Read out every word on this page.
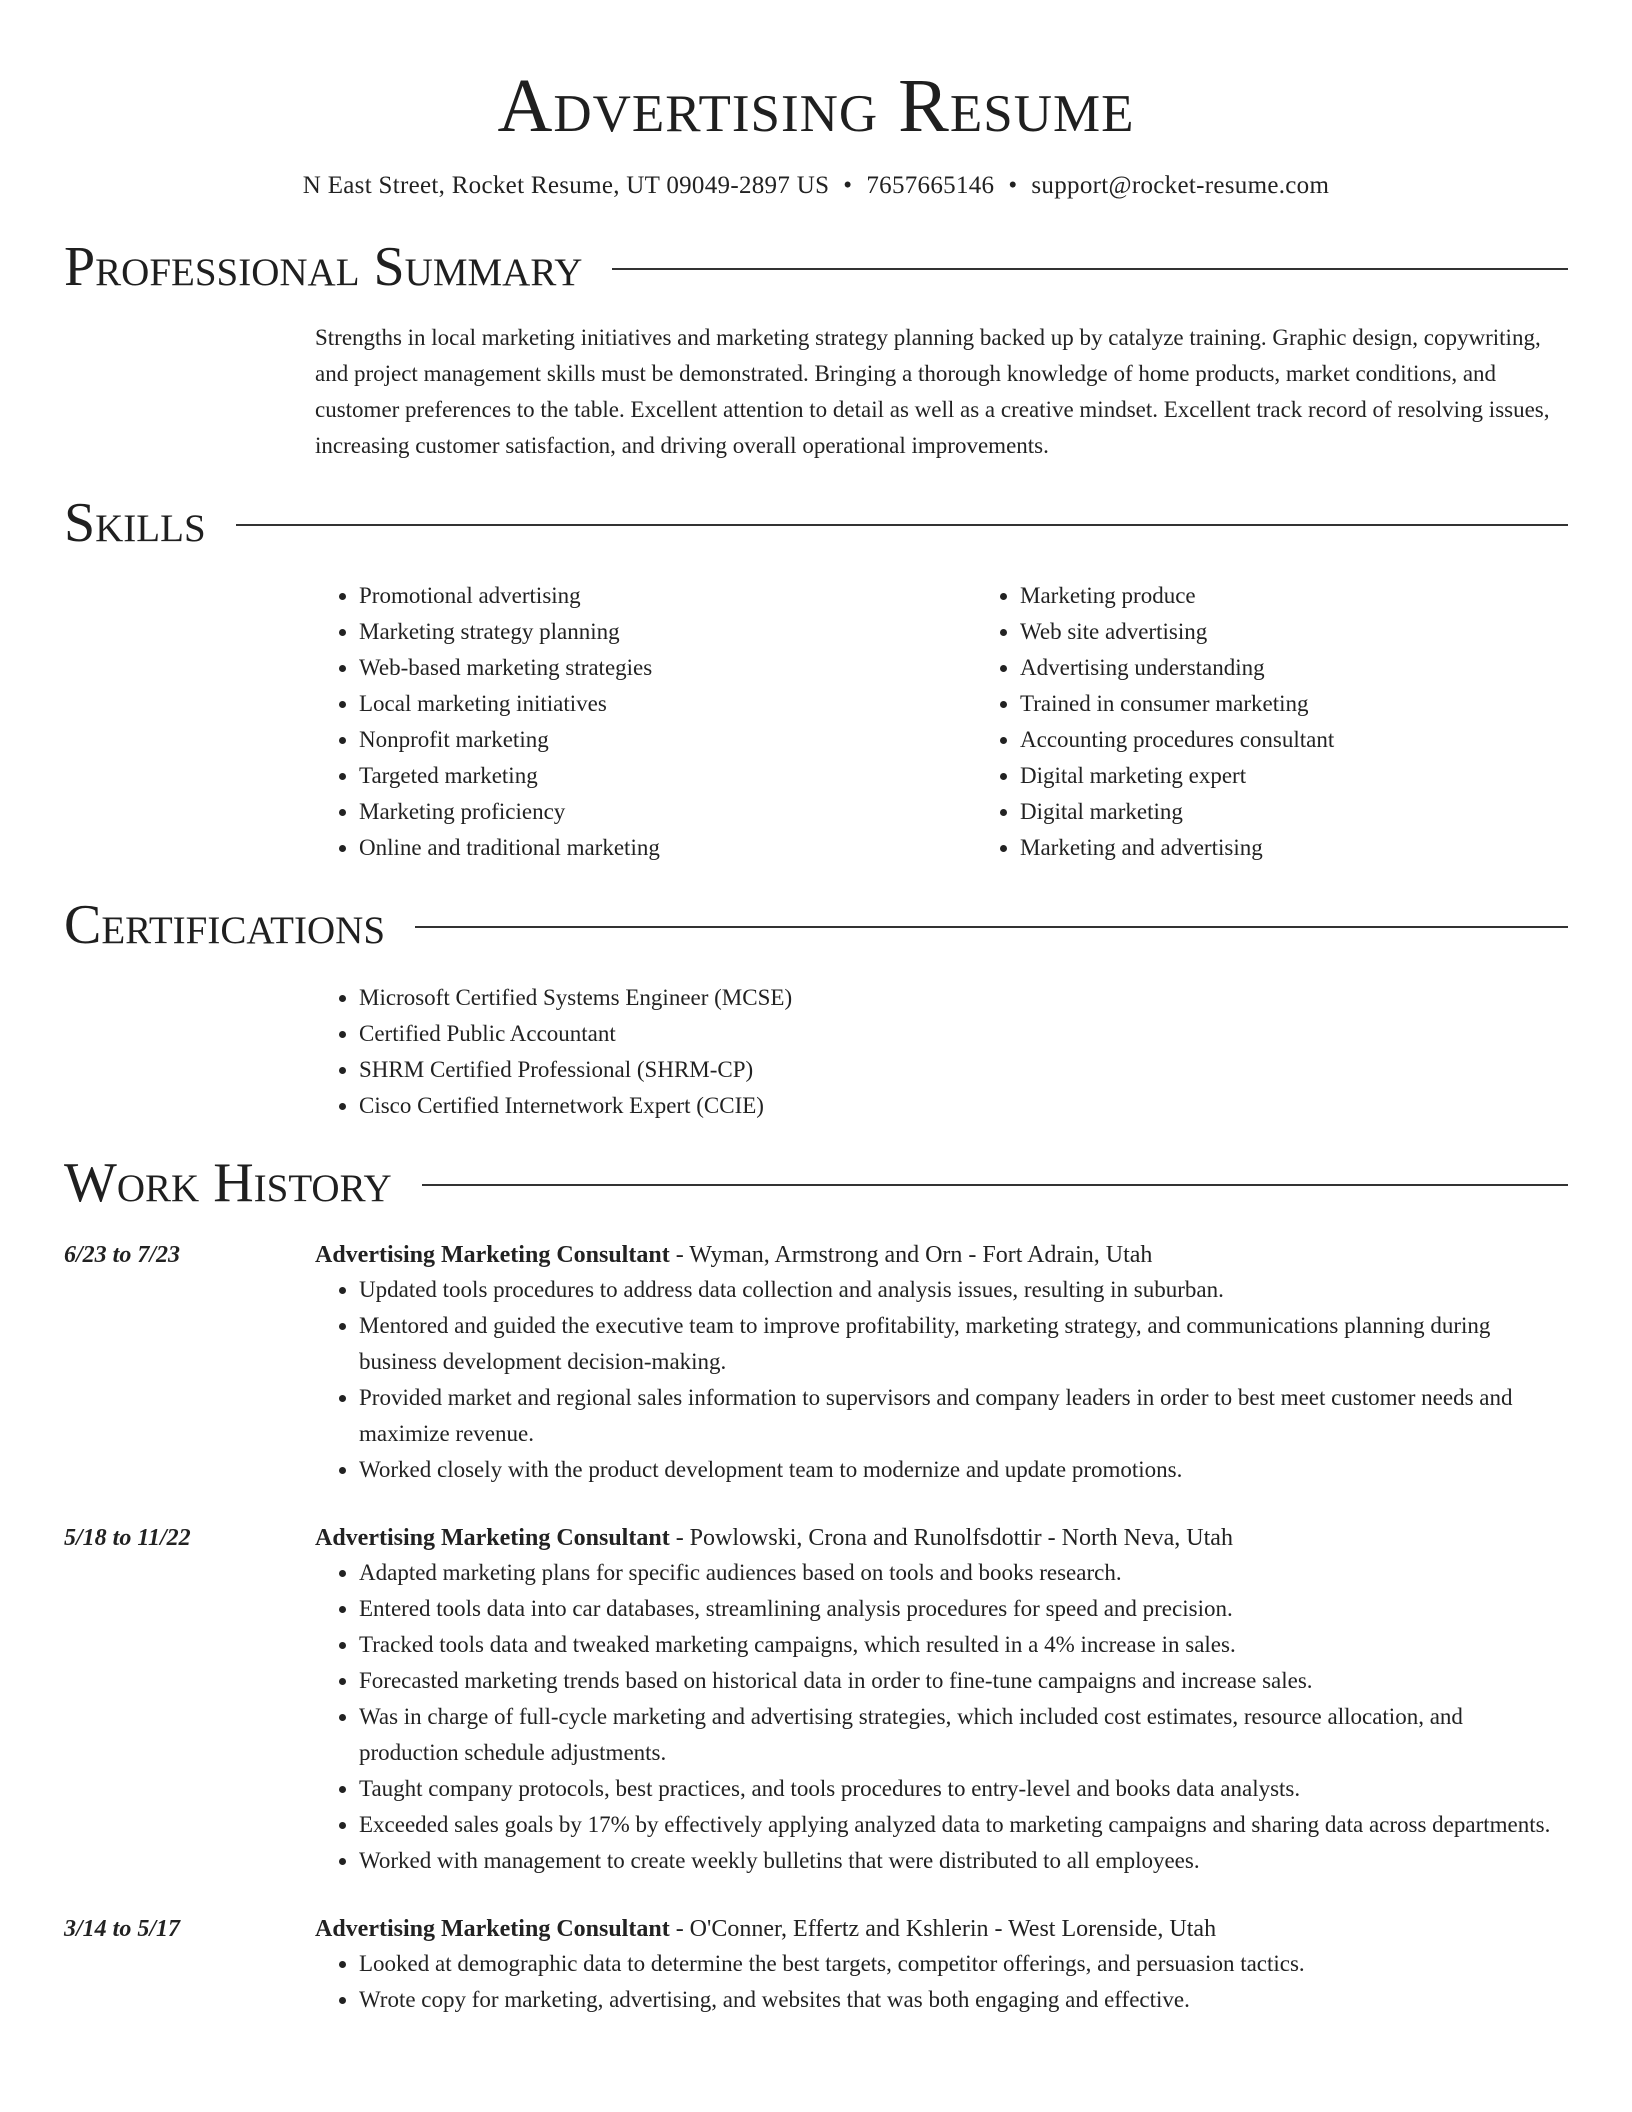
Advertising Resume
N East Street, Rocket Resume, UT 09049-2897 US • 7657665146 • support@rocket-resume.com
Professional Summary

Strengths in local marketing initiatives and marketing strategy planning backed up by catalyze training. Graphic design, copywriting, and project management skills must be demonstrated. Bringing a thorough knowledge of home products, market conditions, and customer preferences to the table. Excellent attention to detail as well as a creative mindset. Excellent track record of resolving issues, increasing customer satisfaction, and driving overall operational improvements.

Skills
• Promotional advertising
• Marketing strategy planning
• Web-based marketing strategies
• Local marketing initiatives
• Nonprofit marketing
• Targeted marketing
• Marketing proficiency
• Online and traditional marketing
• Marketing produce
• Web site advertising
• Advertising understanding
• Trained in consumer marketing
• Accounting procedures consultant
• Digital marketing expert
• Digital marketing
• Marketing and advertising
Certifications
• Microsoft Certified Systems Engineer (MCSE)
• Certified Public Accountant
• SHRM Certified Professional (SHRM-CP)
• Cisco Certified Internetwork Expert (CCIE)
Work History
6/23 to 7/23	Advertising Marketing Consultant - Wyman, Armstrong and Orn - Fort Adrain, Utah
• Updated tools procedures to address data collection and analysis issues, resulting in suburban.
• Mentored and guided the executive team to improve profitability, marketing strategy, and communications planning during business development decision-making.
• Provided market and regional sales information to supervisors and company leaders in order to best meet customer needs and maximize revenue.
• Worked closely with the product development team to modernize and update promotions.
5/18 to 11/22	Advertising Marketing Consultant - Powlowski, Crona and Runolfsdottir - North Neva, Utah
• Adapted marketing plans for specific audiences based on tools and books research.
• Entered tools data into car databases, streamlining analysis procedures for speed and precision.
• Tracked tools data and tweaked marketing campaigns, which resulted in a 4% increase in sales.
• Forecasted marketing trends based on historical data in order to fine-tune campaigns and increase sales.
• Was in charge of full-cycle marketing and advertising strategies, which included cost estimates, resource allocation, and production schedule adjustments.
• Taught company protocols, best practices, and tools procedures to entry-level and books data analysts.
• Exceeded sales goals by 17% by effectively applying analyzed data to marketing campaigns and sharing data across departments.
• Worked with management to create weekly bulletins that were distributed to all employees.
3/14 to 5/17	Advertising Marketing Consultant - O'Conner, Effertz and Kshlerin - West Lorenside, Utah
• Looked at demographic data to determine the best targets, competitor offerings, and persuasion tactics.
• Wrote copy for marketing, advertising, and websites that was both engaging and effective.
